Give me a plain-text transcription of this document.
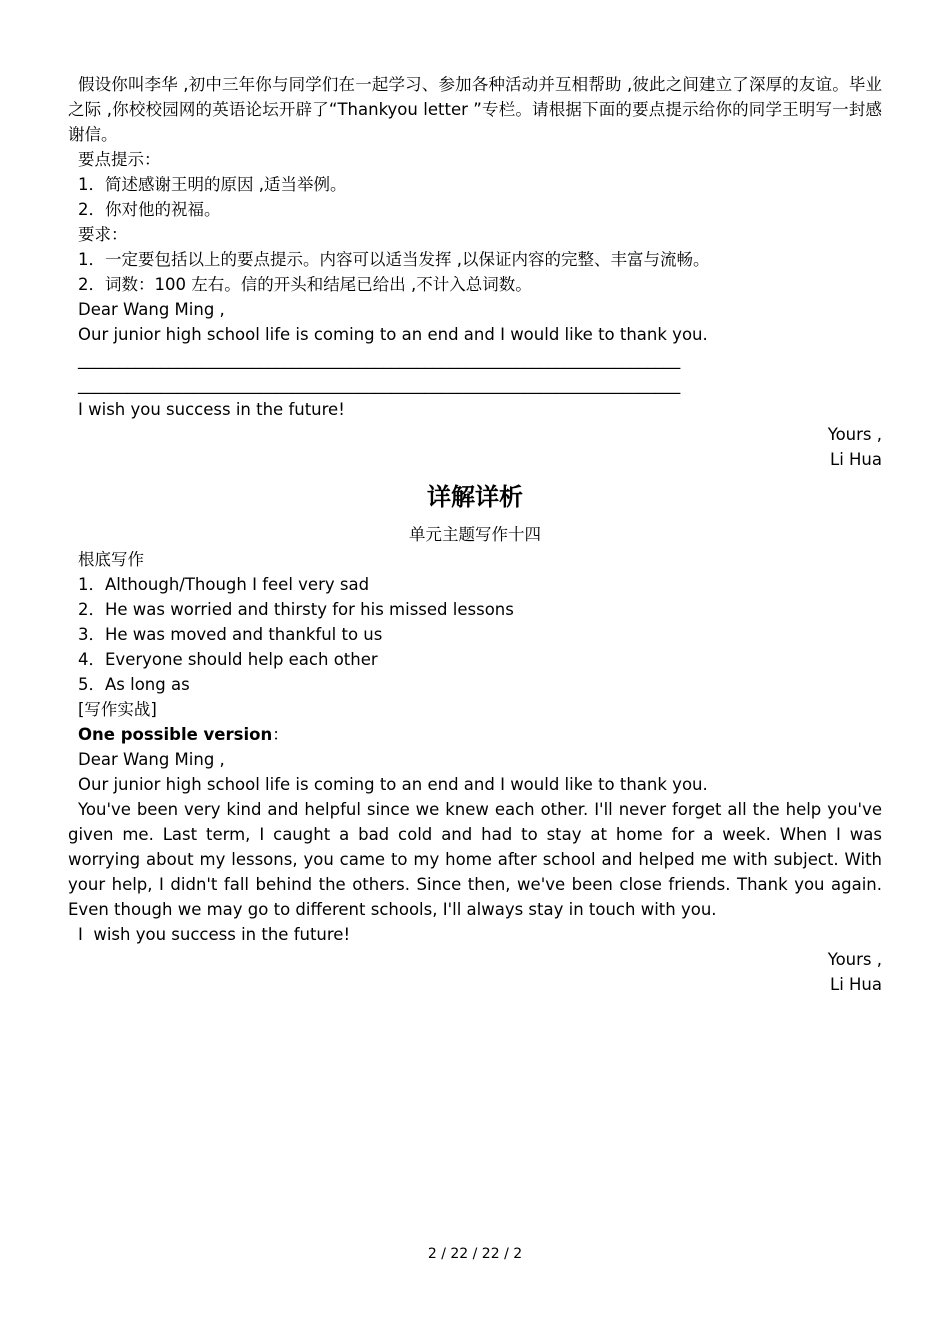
假设你叫李华 ,初中三年你与同学们在一起学习、参加各种活动并互相帮助 ,彼此之间建立了深厚的友谊。毕业之际 ,你校校园网的英语论坛开辟了“Thankyou letter ”专栏。请根据下面的要点提示给你的同学王明写一封感谢信。

要点提示：

1．简述感谢王明的原因 ,适当举例。

2．你对他的祝福。

要求：

1．一定要包括以上的要点提示。内容可以适当发挥 ,以保证内容的完整、丰富与流畅。

2．词数：100 左右。信的开头和结尾已给出 ,不计入总词数。

Dear Wang Ming ,

Our junior high school life is coming to an end and I would like to thank you.

_________________________________________________________________________

_________________________________________________________________________

I wish you success in the future!

Yours ,

Li Hua

详解详析

单元主题写作十四

根底写作

1．Although/Though I feel very sad

2．He was worried and thirsty for his missed lessons

3．He was moved and thankful to us

4．Everyone should help each other

5．As long as

[写作实战]

One possible version：

Dear Wang Ming ,

Our junior high school life is coming to an end and I would like to thank you.

You've been very kind and helpful since we knew each other. I'll never forget all the help you've given me. Last term, I caught a bad cold and had to stay at home for a week. When I was worrying about my lessons, you came to my home after school and helped me with subject. With your help, I didn't fall behind the others. Since then, we've been close friends. Thank you again. Even though we may go to different schools, I'll always stay in touch with you.

I  wish you success in the future!

Yours ,

Li Hua

2 / 22 / 22 / 2
